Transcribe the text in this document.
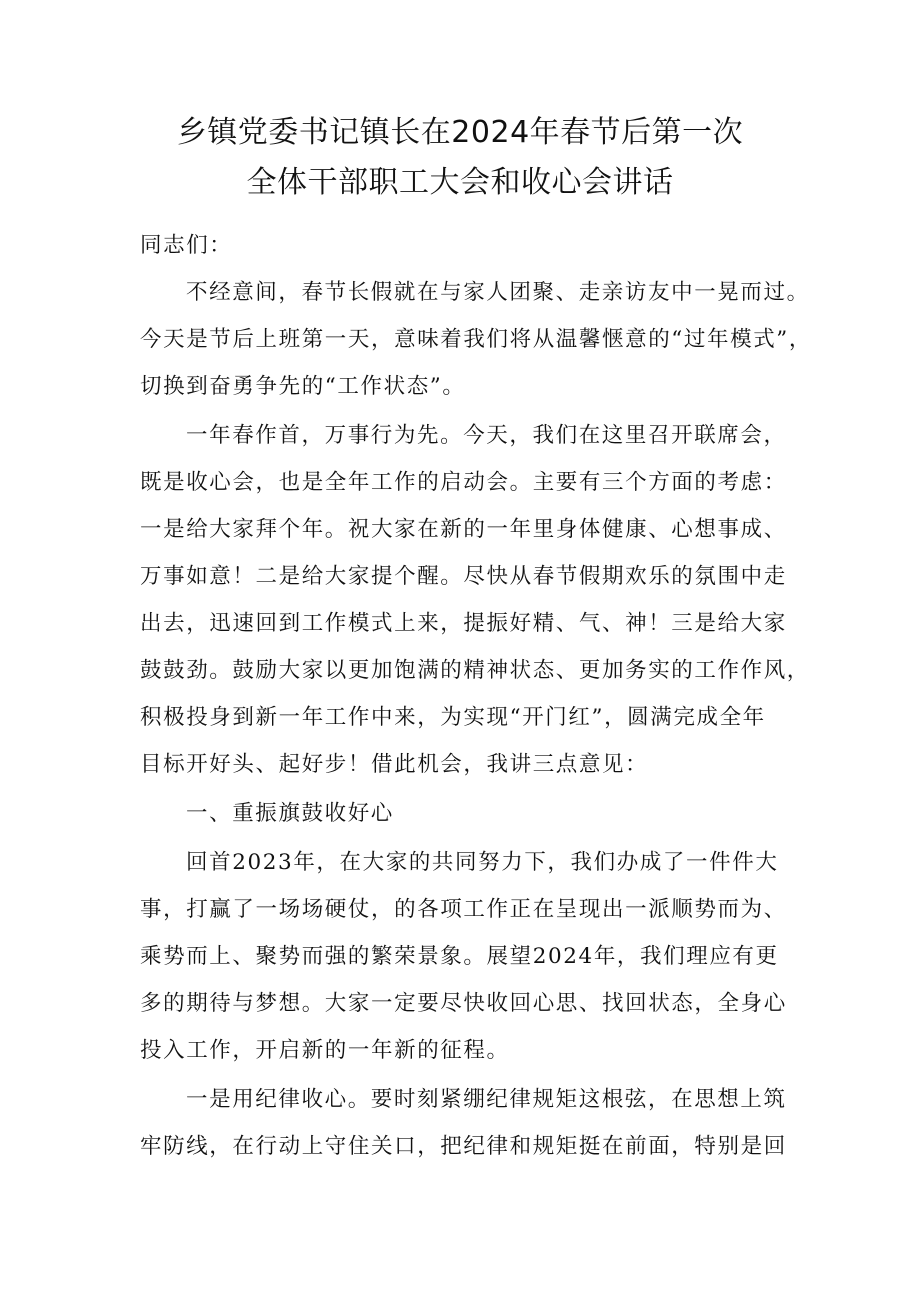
乡镇党委书记镇长在2024年春节后第一次
全体干部职工大会和收心会讲话

同志们：

不经意间，春节长假就在与家人团聚、走亲访友中一晃而过。

今天是节后上班第一天，意味着我们将从温馨惬意的“过年模式”，

切换到奋勇争先的“工作状态”。

一年春作首，万事行为先。今天，我们在这里召开联席会，

既是收心会，也是全年工作的启动会。主要有三个方面的考虑：

一是给大家拜个年。祝大家在新的一年里身体健康、心想事成、

万事如意！二是给大家提个醒。尽快从春节假期欢乐的氛围中走

出去，迅速回到工作模式上来，提振好精、气、神！三是给大家

鼓鼓劲。鼓励大家以更加饱满的精神状态、更加务实的工作作风，

积极投身到新一年工作中来，为实现“开门红”，圆满完成全年

目标开好头、起好步！借此机会，我讲三点意见：

一、重振旗鼓收好心

回首2023年，在大家的共同努力下，我们办成了一件件大

事，打赢了一场场硬仗，的各项工作正在呈现出一派顺势而为、

乘势而上、聚势而强的繁荣景象。展望2024年，我们理应有更

多的期待与梦想。大家一定要尽快收回心思、找回状态，全身心

投入工作，开启新的一年新的征程。

一是用纪律收心。要时刻紧绷纪律规矩这根弦，在思想上筑

牢防线，在行动上守住关口，把纪律和规矩挺在前面，特别是回
